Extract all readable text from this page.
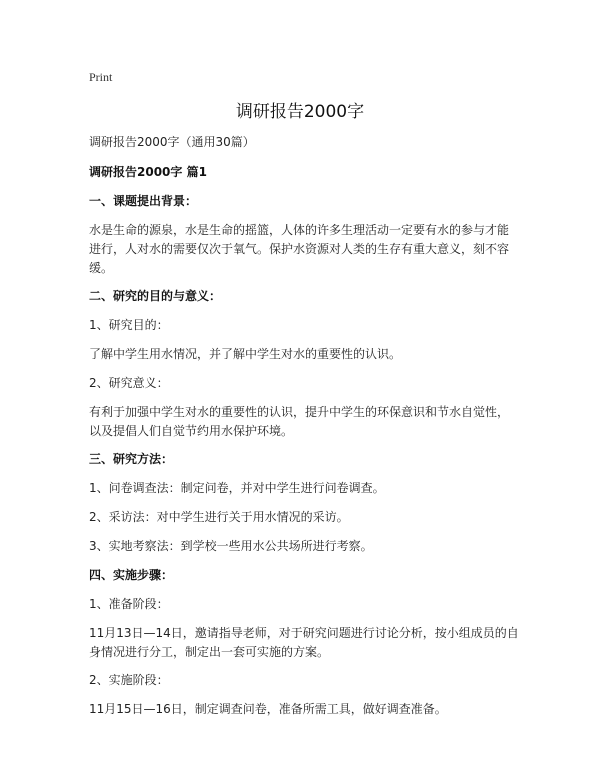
Print
调研报告2000字

调研报告2000字（通用30篇）

调研报告2000字 篇1

一、课题提出背景：

水是生命的源泉，水是生命的摇篮，人体的许多生理活动一定要有水的参与才能进行，人对水的需要仅次于氧气。保护水资源对人类的生存有重大意义，刻不容缓。

二、研究的目的与意义：

1、研究目的：

了解中学生用水情况，并了解中学生对水的重要性的认识。

2、研究意义：

有利于加强中学生对水的重要性的认识，提升中学生的环保意识和节水自觉性，以及提倡人们自觉节约用水保护环境。

三、研究方法：

1、问卷调查法：制定问卷，并对中学生进行问卷调查。

2、采访法：对中学生进行关于用水情况的采访。

3、实地考察法：到学校一些用水公共场所进行考察。

四、实施步骤：

1、准备阶段：

11月13日—14日，邀请指导老师，对于研究问题进行讨论分析，按小组成员的自身情况进行分工，制定出一套可实施的方案。

2、实施阶段：

11月15日—16日，制定调查问卷，准备所需工具，做好调查准备。
